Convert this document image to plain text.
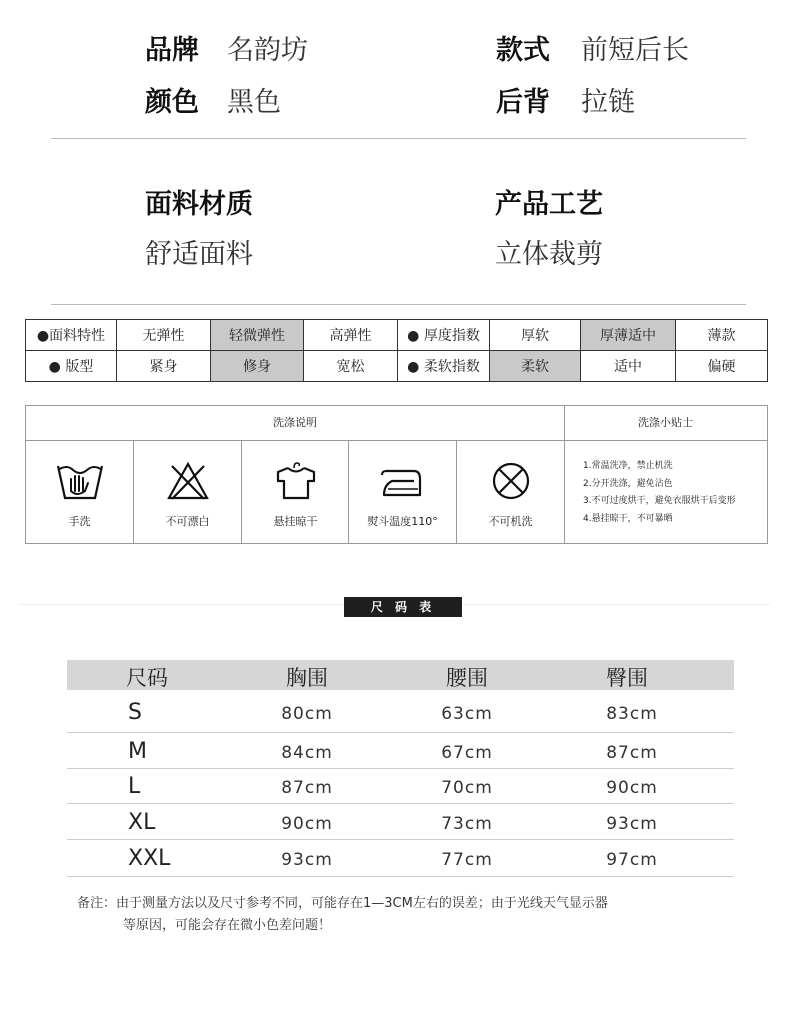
品牌 名韵坊	款式 前短后长
颜色 黑色	后背 拉链
面料材质
舒适面料
产品工艺
立体裁剪
●面料特性	无弹性	轻微弹性	高弹性	● 厚度指数	厚软	厚薄适中	薄款
● 版型	紧身	修身	宽松	● 柔软指数	柔软	适中	偏硬
洗涤说明	洗涤小贴士
手洗	不可漂白	悬挂晾干	熨斗温度110°	不可机洗
1.常温洗净，禁止机洗
2.分开洗涤，避免沾色
3.不可过度烘干，避免衣服烘干后变形
4.悬挂晾干，不可暴晒
尺 码 表
尺码	胸围	腰围	臀围
S	80cm	63cm	83cm
M	84cm	67cm	87cm
L	87cm	70cm	90cm
XL	90cm	73cm	93cm
XXL	93cm	77cm	97cm
备注：由于测量方法以及尺寸参考不同，可能存在1—3CM左右的误差；由于光线天气显示器
等原因，可能会存在微小色差问题！
